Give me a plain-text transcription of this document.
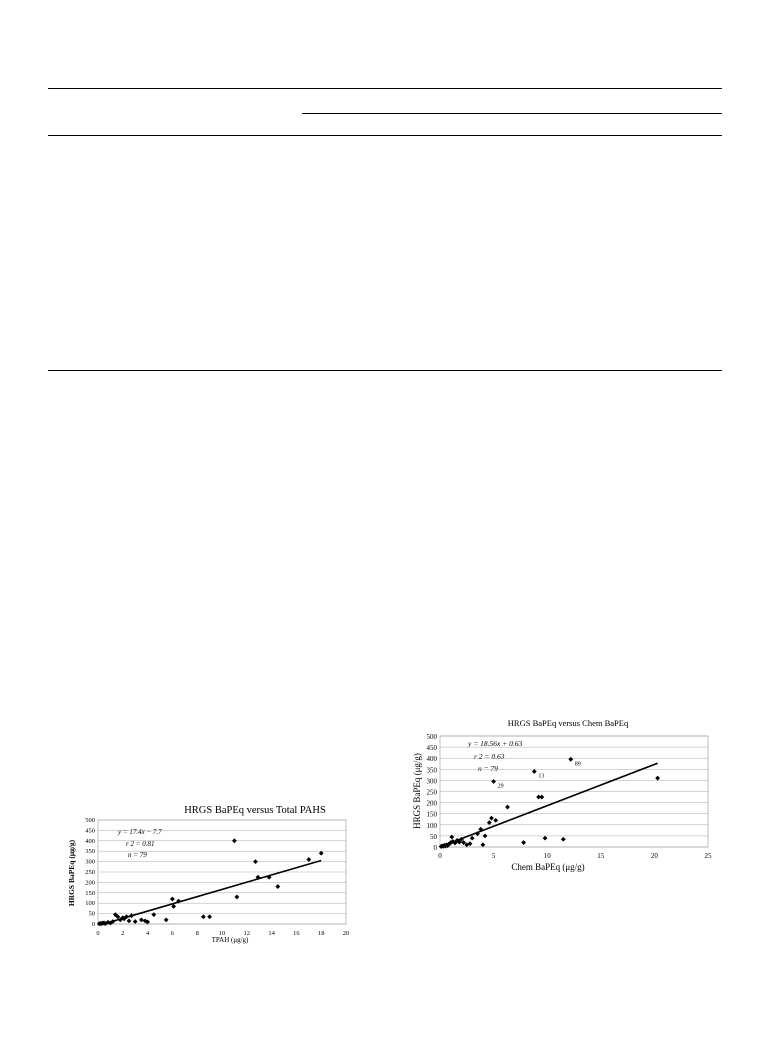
HRGS BaPEq versus Total PAHS
HRGS BaPEq (μg/g)
TPAH (μg/g)
y = 17.4x − 7.7
r 2 = 0.81
n = 79
0
50
100
150
200
250
300
350
400
450
500
0	2	4	6	8	10	12	14	16	18	20
HRGS BaPEq versus Chem BaPEq
HRGS BaPEq (μg/g)
Chem BaPEq (μg/g)
y = 18.56x + 0.63
r 2 = 0.63
n = 79
0
50
100
150
200
250
300
350
400
450
500
0	5	10	15	20	25
29
13
89
